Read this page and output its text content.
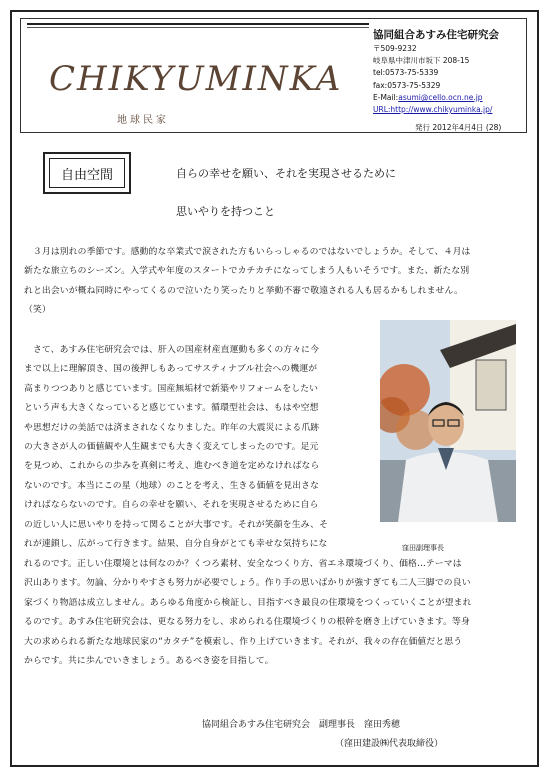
CHIKYUMINKA
地球民家
協同組合あすみ住宅研究会
〒509-9232
岐阜県中津川市坂下 208-15
tel:0573-75-5339
fax:0573-75-5329
E-Mail:asumi@cello.ocn.ne.jp
URL:http://www.chikyuminka.jp/
発行 2012年4月4日 (28)
自由空間	自らの幸せを願い、それを実現させるために
思いやりを持つこと
　３月は別れの季節です。感動的な卒業式で涙された方もいらっしゃるのではないでしょうか。そして、４月は
新たな旅立ちのシーズン。入学式や年度のスタートでカチカチになってしまう人もいそうです。また、新たな別
れと出会いが概ね同時にやってくるので泣いたり笑ったりと挙動不審で敬遠される人も居るかもしれません。
（笑）
　さて、あすみ住宅研究会では、肝入の国産材産直運動も多くの方々に今
まで以上に理解頂き、国の後押しもあってサスティナブル社会への機運が
高まりつつありと感じています。国産無垢材で新築やリフォームをしたい
という声も大きくなっていると感じています。循環型社会は、もはや空想
や思想だけの美話では済まされなくなりました。昨年の大震災による爪跡
の大きさが人の価値観や人生観までも大きく変えてしまったのです。足元
を見つめ、これからの歩みを真剣に考え、進むべき道を定めなければなら
ないのです。本当にこの星（地球）のことを考え、生きる価値を見出さな
ければならないのです。自らの幸せを願い、それを実現させるために自ら
の近しい人に思いやりを持って関ることが大事です。それが笑顔を生み、そ
れが連鎖し、広がって行きます。結果、自分自身がとても幸せな気持ちにな	窪田副理事長
れるのです。正しい住環境とは何なのか？くつろ素材、安全なつくり方、省エネ環境づくり、価格…テーマは
沢山あります。勿論、分かりやすさも努力が必要でしょう。作り手の思いばかりが強すぎても二人三脚での良い
家づくり物語は成立しません。あらゆる角度から検証し、目指すべき最良の住環境をつくっていくことが望まれ
るのです。あすみ住宅研究会は、更なる努力をし、求められる住環境づくりの根幹を磨き上げていきます。等身
大の求められる新たな地球民家の“カタチ”を模索し、作り上げていきます。それが、我々の存在価値だと思う
からです。共に歩んでいきましょう。あるべき姿を目指して。
協同組合あすみ住宅研究会　副理事長　窪田秀穂
（窪田建設㈱代表取締役）
